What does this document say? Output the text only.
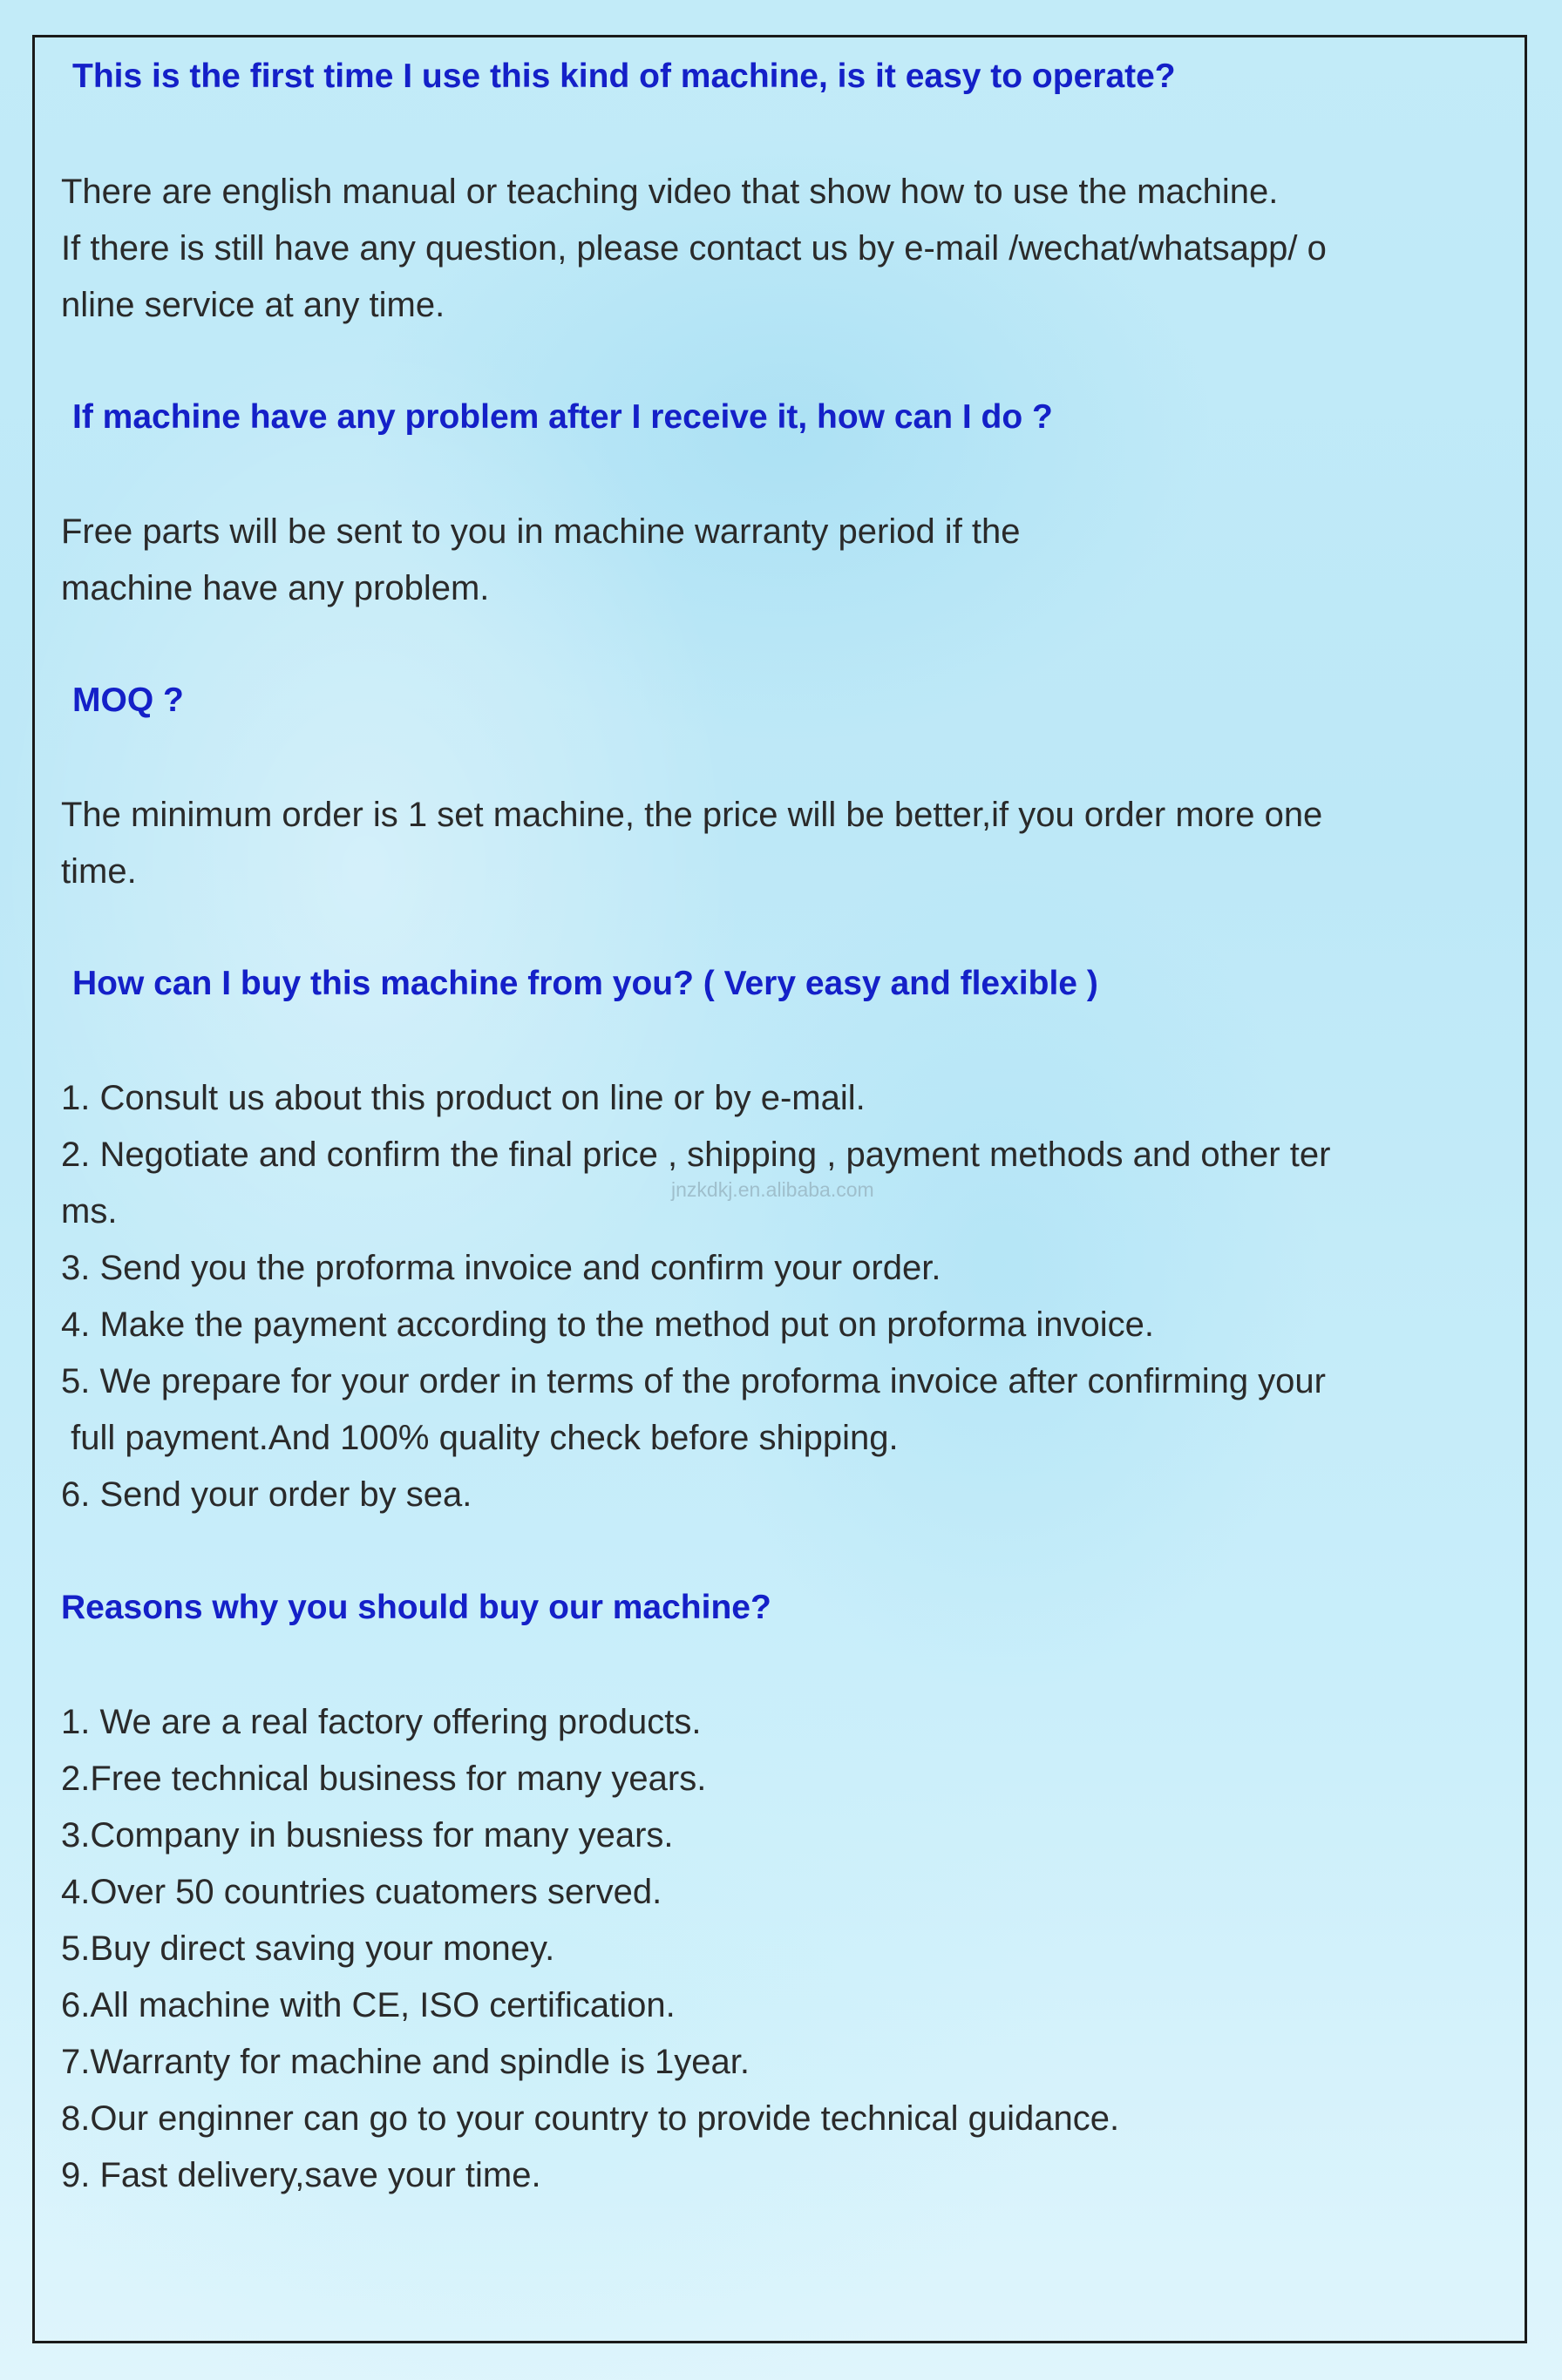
This is the first time I use this kind of machine, is it easy to operate?
There are english manual or teaching video that show how to use the machine.
If there is still have any question, please contact us by e-mail /wechat/whatsapp/ o
nline service at any time.
If machine have any problem after I receive it, how can I do ?
Free parts will be sent to you in machine warranty period if the
machine have any problem.
MOQ ?
The minimum order is 1 set machine, the price will be better,if you order more one
time.
How can I buy this machine from you? ( Very easy and flexible )
1. Consult us about this product on line or by e-mail.
2. Negotiate and confirm the final price , shipping , payment methods and other ter
ms.
3. Send you the proforma invoice and confirm your order.
4. Make the payment according to the method put on proforma invoice.
5. We prepare for your order in terms of the proforma invoice after confirming your
full payment.And 100% quality check before shipping.
6. Send your order by sea.
Reasons why you should buy our machine?
1. We are a real factory offering products.
2.Free technical business for many years.
3.Company in busniess for many years.
4.Over 50 countries cuatomers served.
5.Buy direct saving your money.
6.All machine with CE, ISO certification.
7.Warranty for machine and spindle is 1year.
8.Our enginner can go to your country to provide technical guidance.
9. Fast delivery,save your time.
jnzkdkj.en.alibaba.com
